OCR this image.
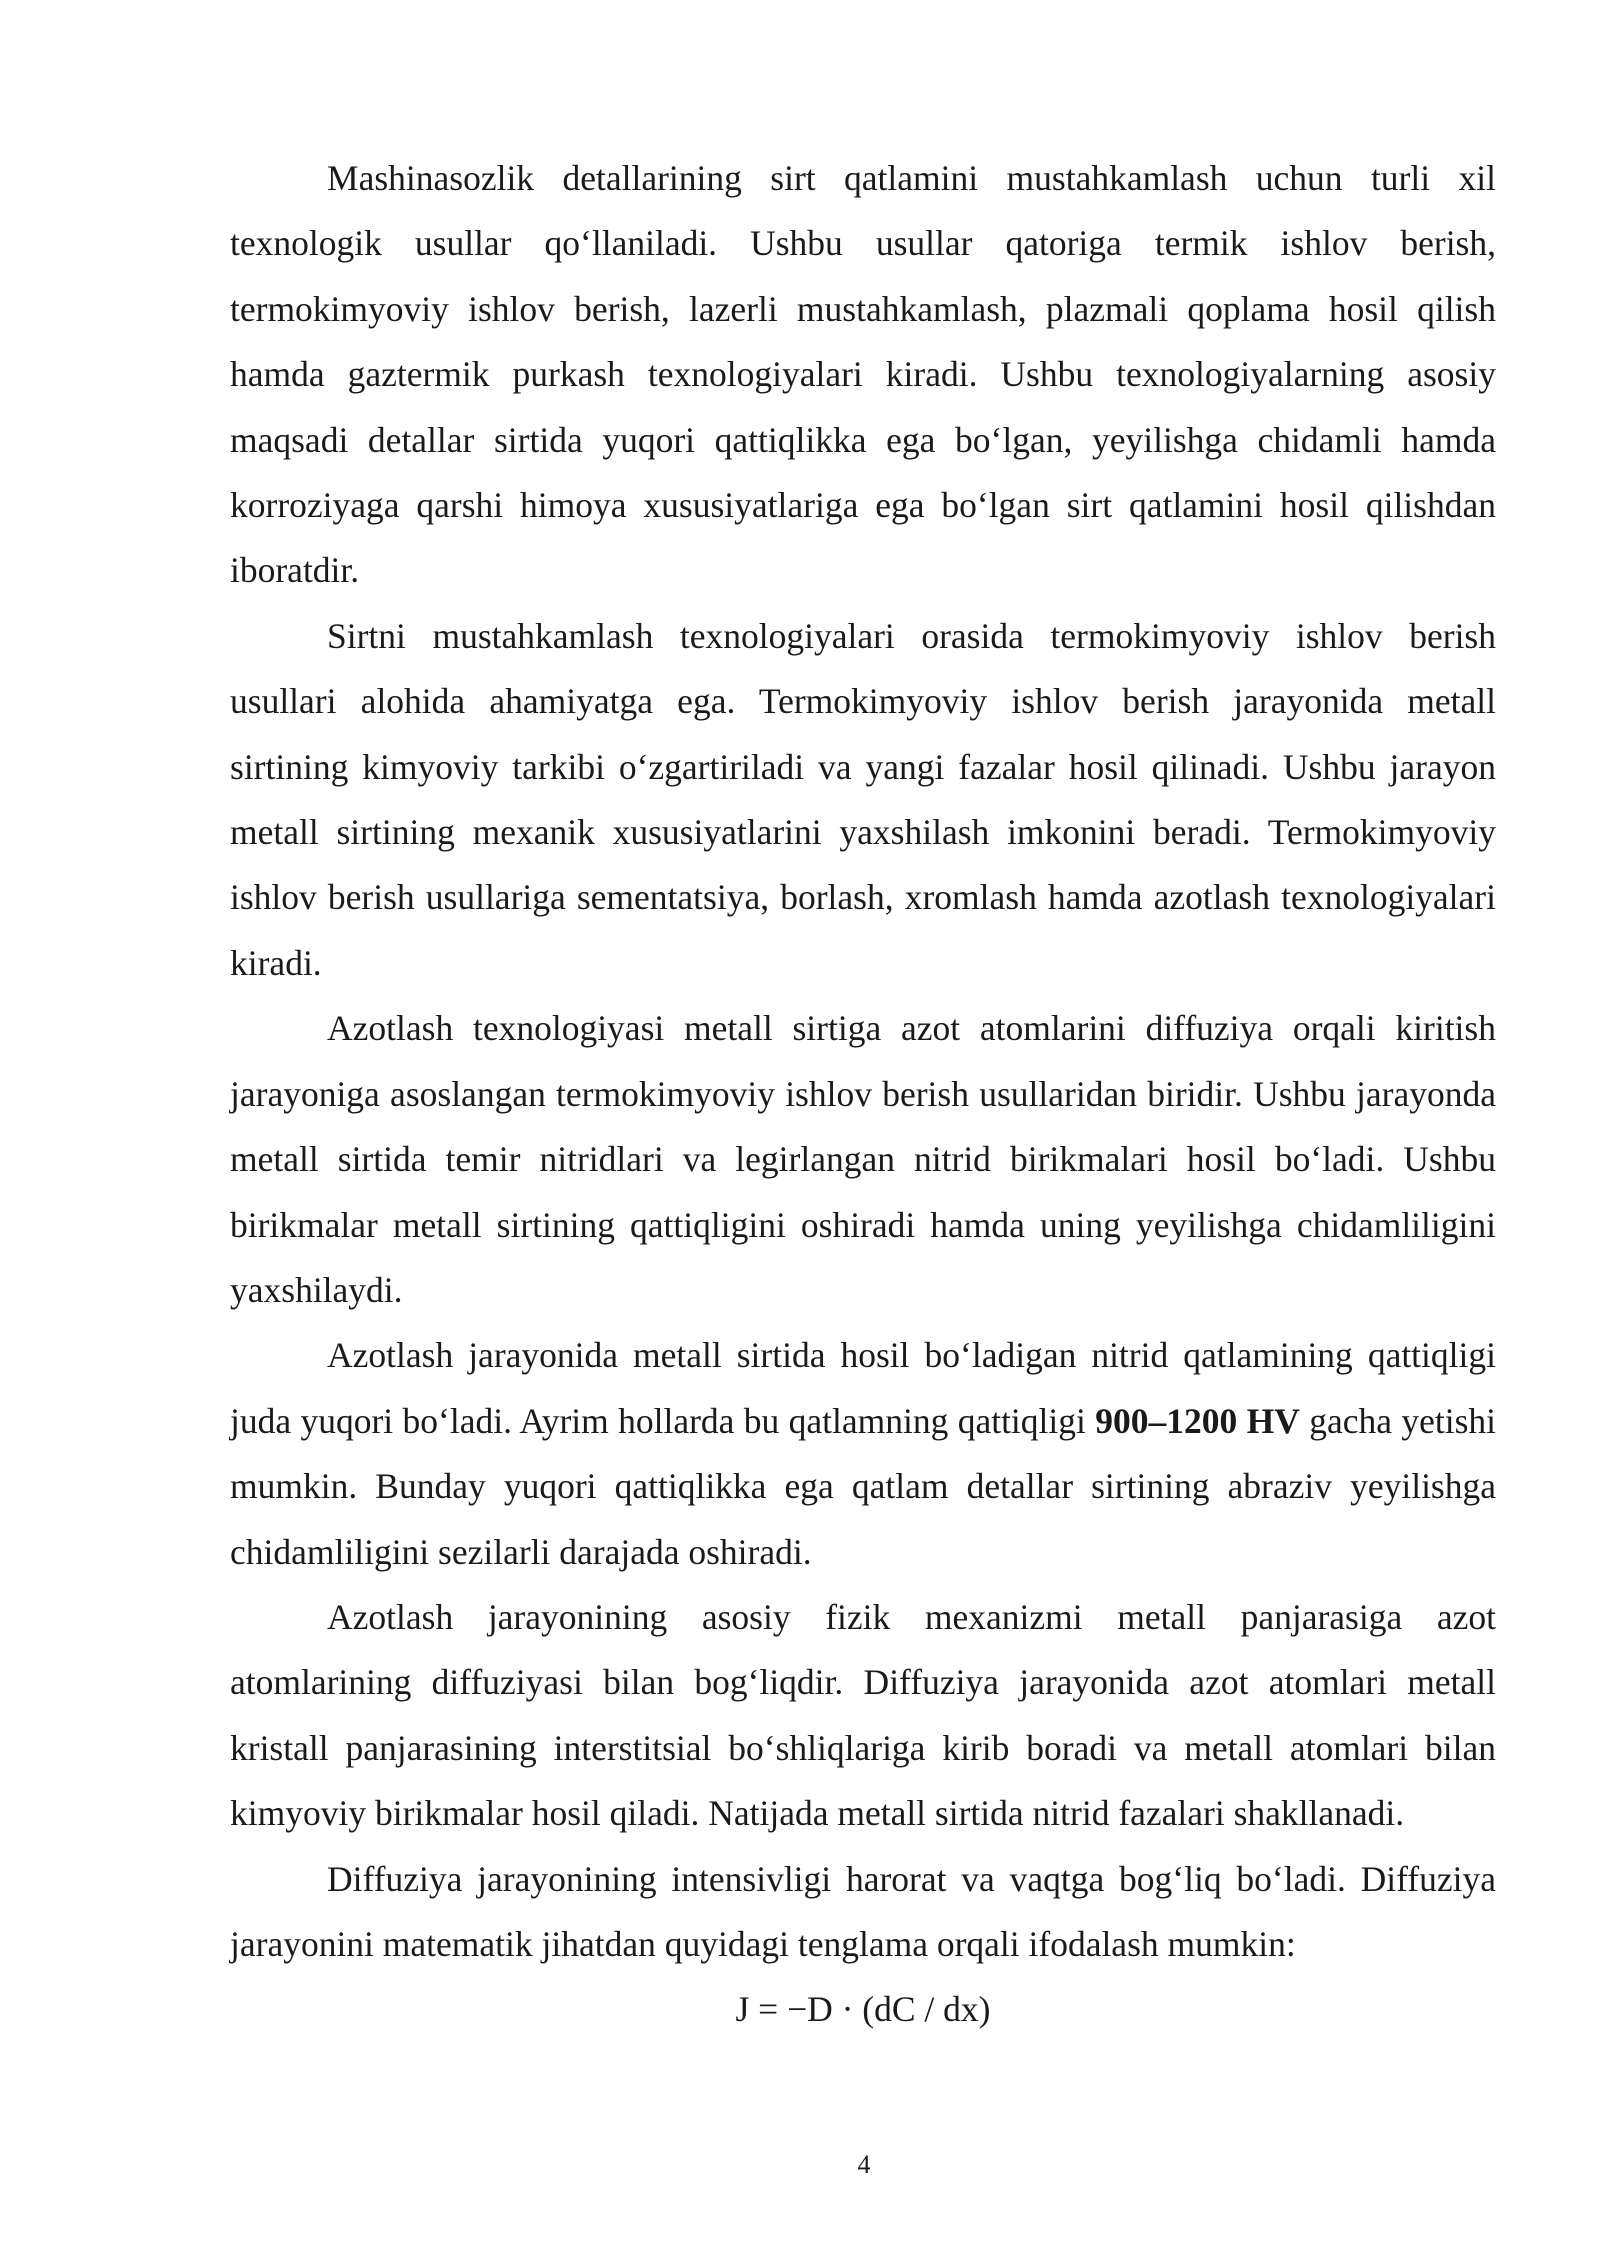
Mashinasozlik detallarining sirt qatlamini mustahkamlash uchun turli xil texnologik usullar qo‘llaniladi. Ushbu usullar qatoriga termik ishlov berish, termokimyoviy ishlov berish, lazerli mustahkamlash, plazmali qoplama hosil qilish hamda gaztermik purkash texnologiyalari kiradi. Ushbu texnologiyalarning asosiy maqsadi detallar sirtida yuqori qattiqlikka ega bo‘lgan, yeyilishga chidamli hamda korroziyaga qarshi himoya xususiyatlariga ega bo‘lgan sirt qatlamini hosil qilishdan iboratdir.

Sirtni mustahkamlash texnologiyalari orasida termokimyoviy ishlov berish usullari alohida ahamiyatga ega. Termokimyoviy ishlov berish jarayonida metall sirtining kimyoviy tarkibi o‘zgartiriladi va yangi fazalar hosil qilinadi. Ushbu jarayon metall sirtining mexanik xususiyatlarini yaxshilash imkonini beradi. Termokimyoviy ishlov berish usullariga sementatsiya, borlash, xromlash hamda azotlash texnologiyalari kiradi.

Azotlash texnologiyasi metall sirtiga azot atomlarini diffuziya orqali kiritish jarayoniga asoslangan termokimyoviy ishlov berish usullaridan biridir. Ushbu jarayonda metall sirtida temir nitridlari va legirlangan nitrid birikmalari hosil bo‘ladi. Ushbu birikmalar metall sirtining qattiqligini oshiradi hamda uning yeyilishga chidamliligini yaxshilaydi.

Azotlash jarayonida metall sirtida hosil bo‘ladigan nitrid qatlamining qattiqligi juda yuqori bo‘ladi. Ayrim hollarda bu qatlamning qattiqligi 900–1200 HV gacha yetishi mumkin. Bunday yuqori qattiqlikka ega qatlam detallar sirtining abraziv yeyilishga chidamliligini sezilarli darajada oshiradi.

Azotlash jarayonining asosiy fizik mexanizmi metall panjarasiga azot atomlarining diffuziyasi bilan bog‘liqdir. Diffuziya jarayonida azot atomlari metall kristall panjarasining interstitsial bo‘shliqlariga kirib boradi va metall atomlari bilan kimyoviy birikmalar hosil qiladi. Natijada metall sirtida nitrid fazalari shakllanadi.

Diffuziya jarayonining intensivligi harorat va vaqtga bog‘liq bo‘ladi. Diffuziya jarayonini matematik jihatdan quyidagi tenglama orqali ifodalash mumkin:

J = −D · (dC / dx)

4
